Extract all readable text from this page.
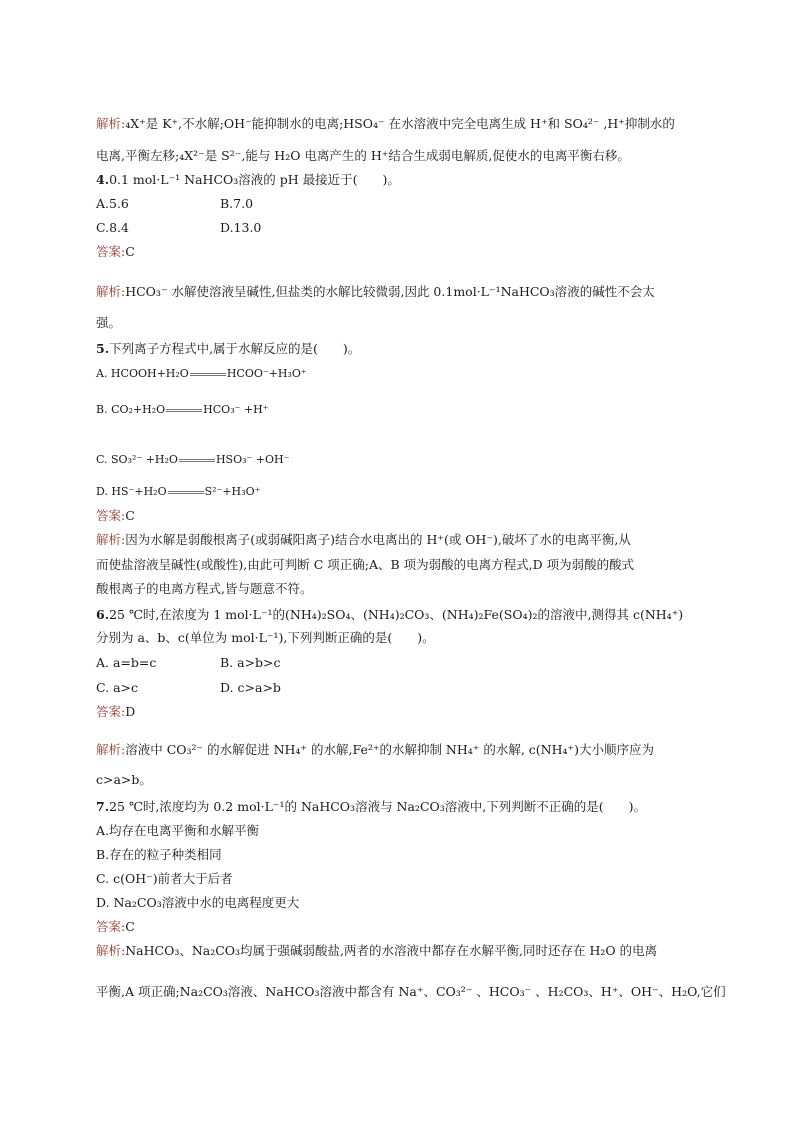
解析:₄X⁺是 K⁺,不水解;OH⁻能抑制水的电离;HSO₄⁻ 在水溶液中完全电离生成 H⁺和 SO₄²⁻ ,H⁺抑制水的
电离,平衡左移;₄X²⁻是 S²⁻,能与 H₂O 电离产生的 H⁺结合生成弱电解质,促使水的电离平衡右移。
4.0.1 mol·L⁻¹ NaHCO₃溶液的 pH 最接近于(　　)。
A.5.6	B.7.0
C.8.4	D.13.0
答案:C
解析:HCO₃⁻ 水解使溶液呈碱性,但盐类的水解比较微弱,因此 0.1mol·L⁻¹NaHCO₃溶液的碱性不会太
强。
5.下列离子方程式中,属于水解反应的是(　　)。
A. HCOOH+H₂O	HCOO⁻+H₃O⁺
B. CO₂+H₂O	HCO₃⁻ +H⁺
C. SO₃²⁻ +H₂O	HSO₃⁻ +OH⁻
D. HS⁻+H₂O	S²⁻+H₃O⁺
答案:C
解析:因为水解是弱酸根离子(或弱碱阳离子)结合水电离出的 H⁺(或 OH⁻),破坏了水的电离平衡,从
而使盐溶液呈碱性(或酸性),由此可判断 C 项正确;A、B 项为弱酸的电离方程式,D 项为弱酸的酸式
酸根离子的电离方程式,皆与题意不符。
6.25 ℃时,在浓度为 1 mol·L⁻¹的(NH₄)₂SO₄、(NH₄)₂CO₃、(NH₄)₂Fe(SO₄)₂的溶液中,测得其 c(NH₄⁺)
分别为 a、b、c(单位为 mol·L⁻¹),下列判断正确的是(　　)。
A. a=b=c	B. a>b>c
C. a>c	D. c>a>b
答案:D
解析:溶液中 CO₃²⁻ 的水解促进 NH₄⁺ 的水解,Fe²⁺的水解抑制 NH₄⁺ 的水解, c(NH₄⁺)大小顺序应为
c>a>b。
7.25 ℃时,浓度均为 0.2 mol·L⁻¹的 NaHCO₃溶液与 Na₂CO₃溶液中,下列判断不正确的是(　　)。
A.均存在电离平衡和水解平衡
B.存在的粒子种类相同
C. c(OH⁻)前者大于后者
D. Na₂CO₃溶液中水的电离程度更大
答案:C
解析:NaHCO₃、Na₂CO₃均属于强碱弱酸盐,两者的水溶液中都存在水解平衡,同时还存在 H₂O 的电离
平衡,A 项正确;Na₂CO₃溶液、NaHCO₃溶液中都含有 Na⁺、CO₃²⁻ 、HCO₃⁻ 、H₂CO₃、H⁺、OH⁻、H₂O,它们
